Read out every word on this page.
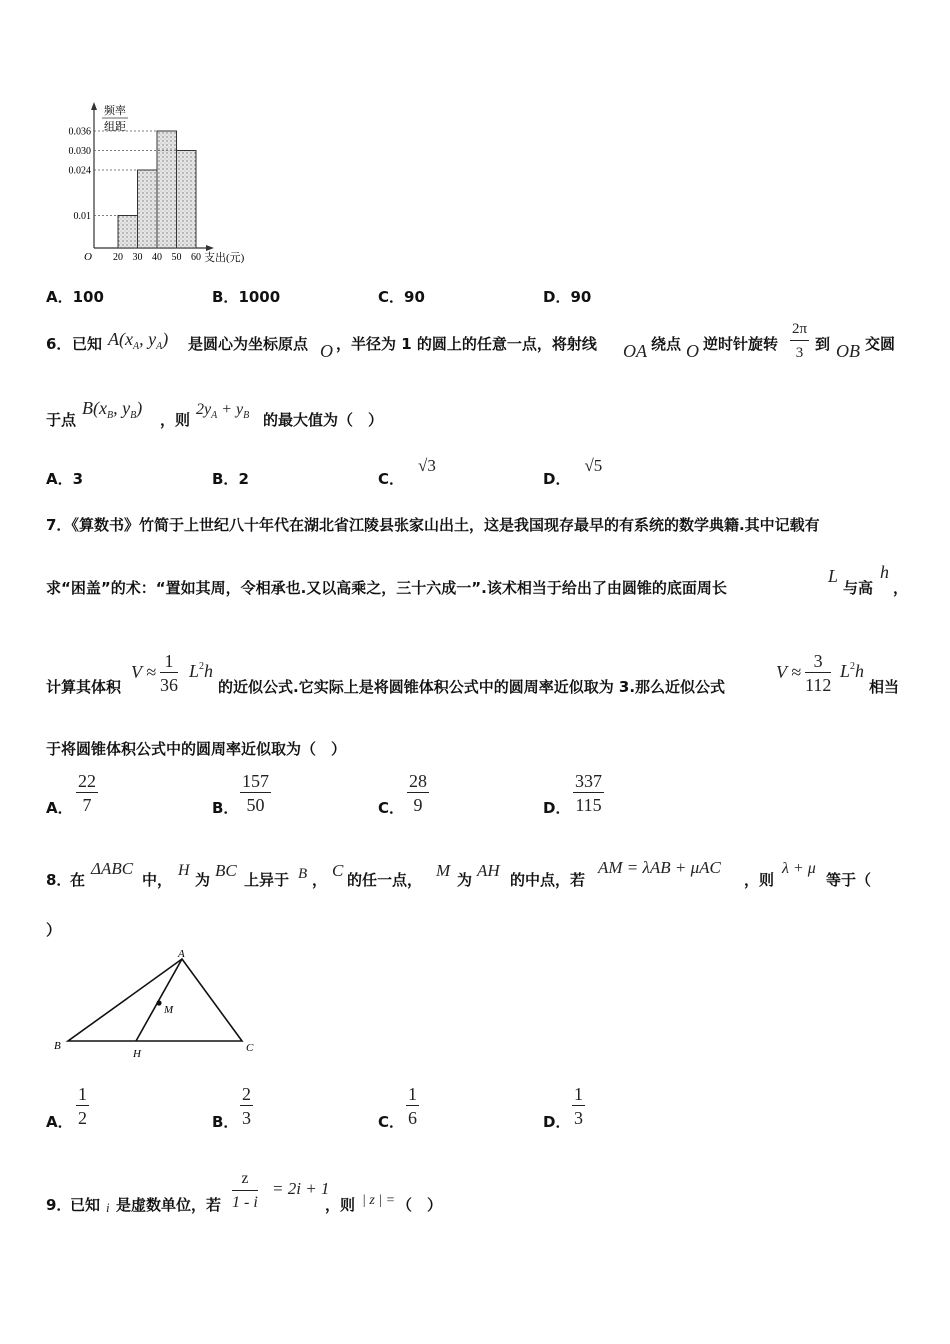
频率
组距
0.036
0.030
0.024
0.01
20 30 40 50 60
O	支出(元)
A．100	B．1000	C．90	D．90
6． 已知 $A(x_A$, $y_A$) 是圆心为坐标原点 O ，半径为 1 的圆上的任意一点，将射线 OA 绕点 O 逆时针旋转 $\frac{2\pi}{3}$ 到 OB 交圆
于点
$B(x_B$, $y_B$)
，则
$2y_A + y_B$ 的最大值为（　）
A．3	B．2	C．√3
D．√5
7．《算数书》竹简于上世纪八十年代在湖北省江陵县张家山出土，这是我国现存最早的有系统的数学典籍.其中记载有
求“困盖”的术：“置如其周，令相承也.又以高乘之，三十六成一”.该术相当于给出了由圆锥的底面周长
L
与高
h
，
计算其体积
$V \approx \frac{1}{36} L^2h$
的近似公式.它实际上是将圆锥体积公式中的圆周率近似取为 3.那么近似公式
$V \approx \frac{3}{112} L^2h$
相当
于将圆锥体积公式中的圆周率近似取为（　）
A． $\frac{22}{7}$	B． $\frac{157}{50}$	C． $\frac{28}{9}$	D． $\frac{337}{115}$
8．
在
ΔABC
中，
H
为 BC 上异于 B ， C 的任一点， M 为 AH 的中点，若
AM = λAB + μAC
，则
λ + μ
等于（
）
A
B	C
H
M
A． $\frac{1}{2}$	B． $\frac{2}{3}$	C． $\frac{1}{6}$	D． $\frac{1}{3}$
9．
已知 i 是虚数单位，若 $\frac{z}{1 - i} = 2i + 1$
，则 | z | = （　）
